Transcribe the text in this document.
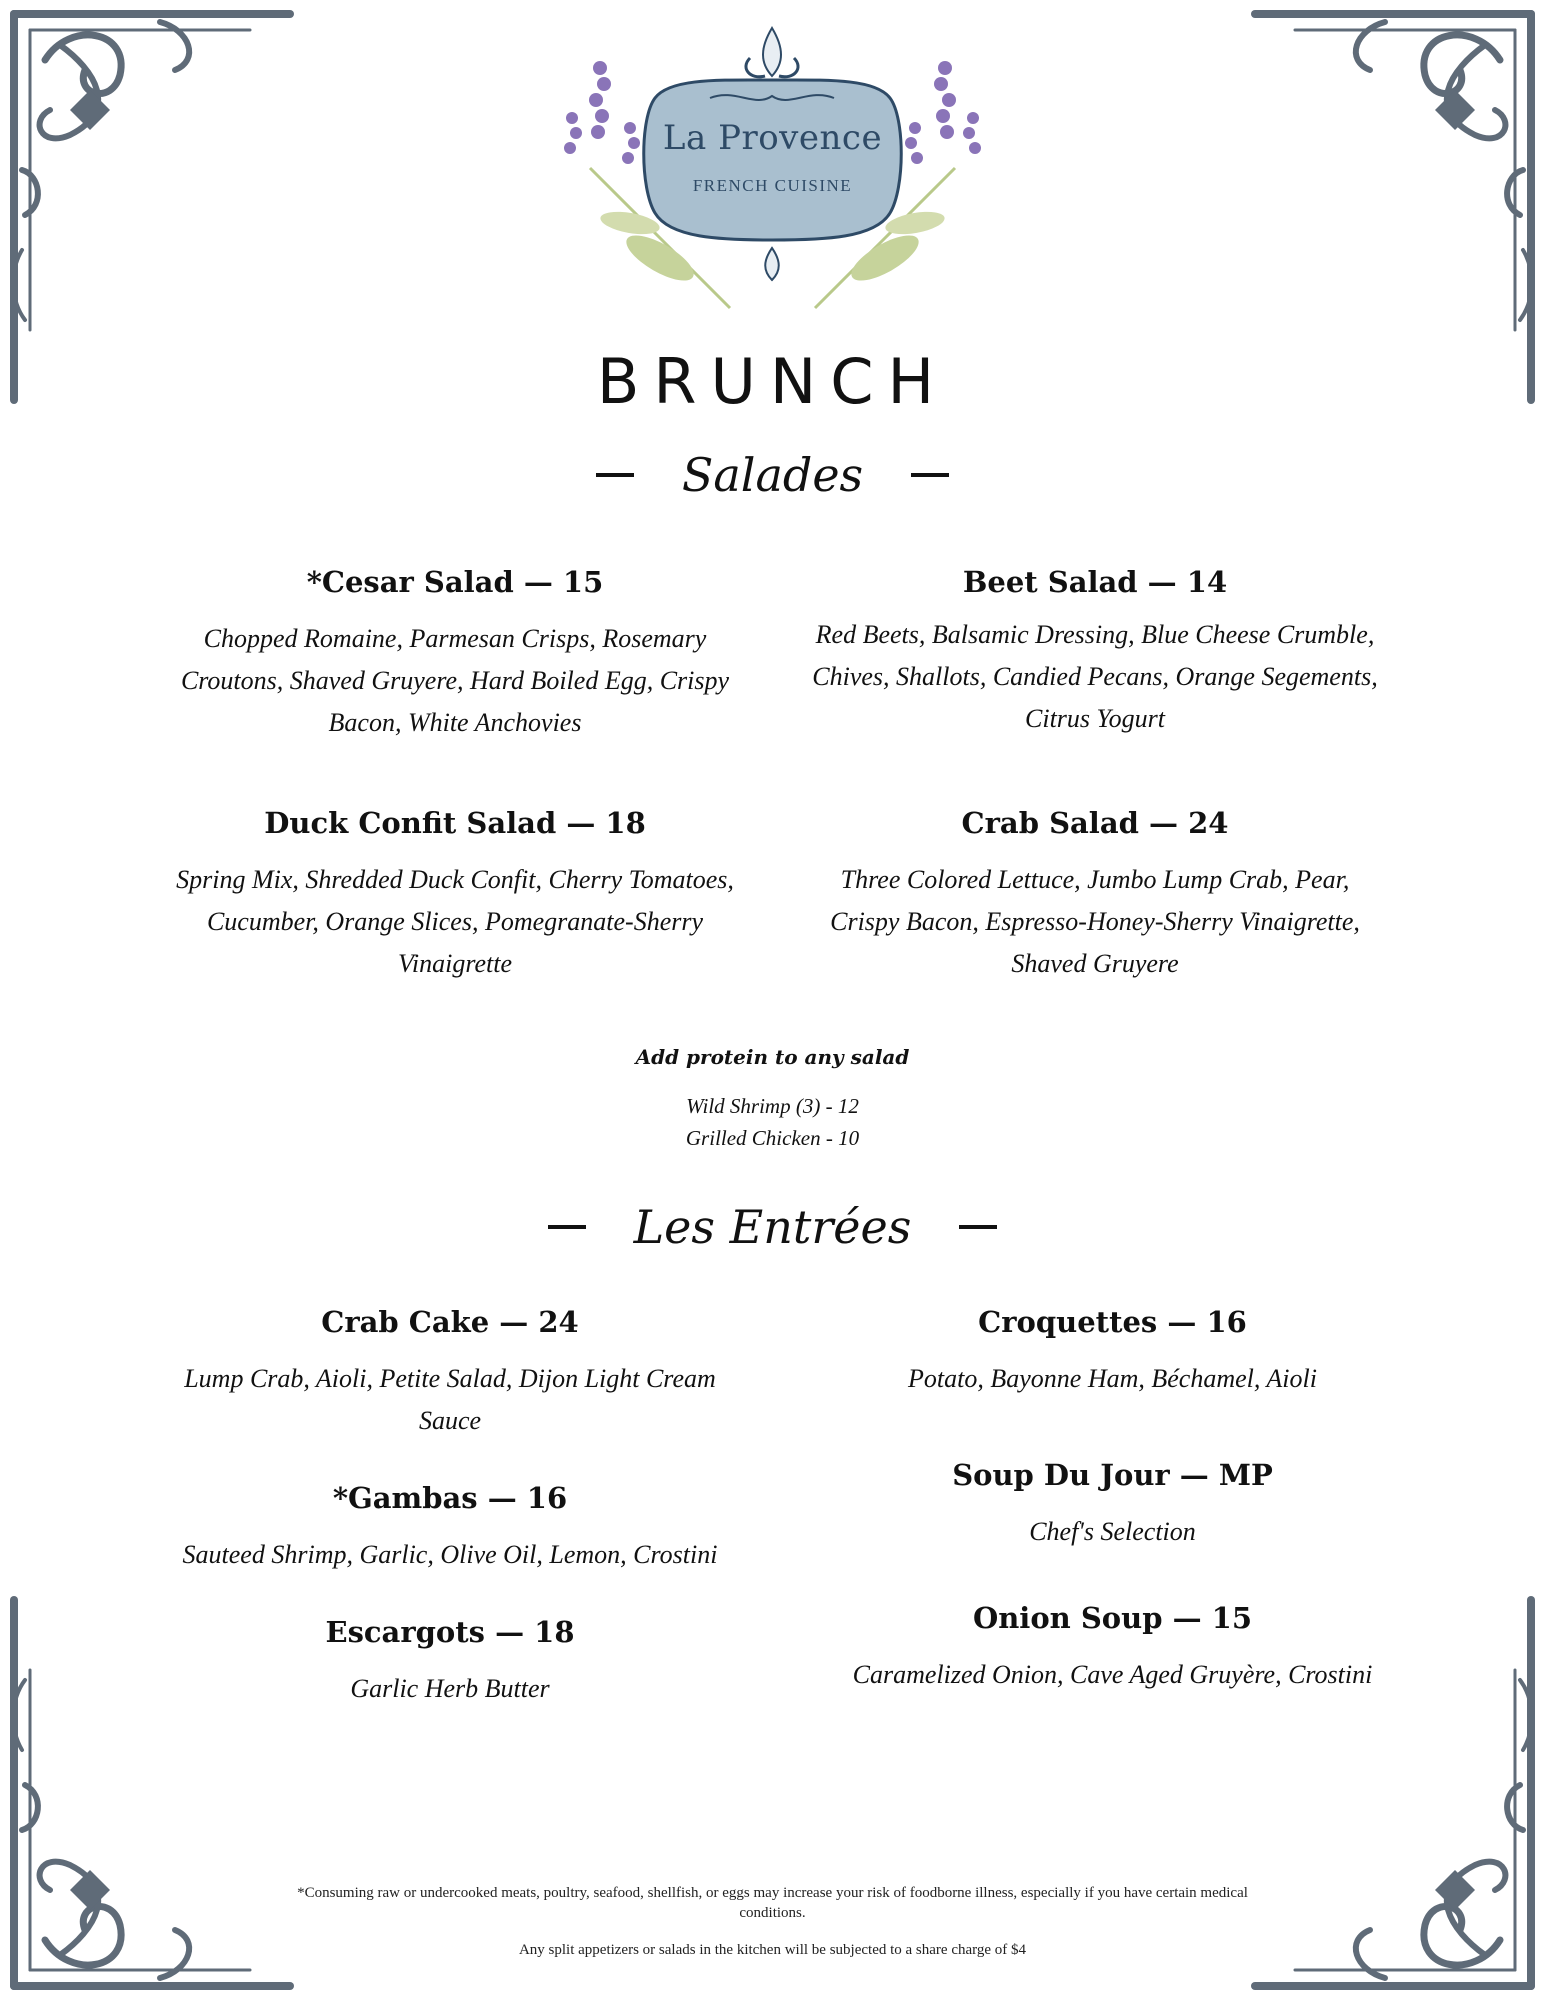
La Provence
FRENCH CUISINE
BRUNCH
Salades
*Cesar Salad — 15
Chopped Romaine, Parmesan Crisps, Rosemary Croutons, Shaved Gruyere, Hard Boiled Egg, Crispy Bacon, White Anchovies
Beet Salad — 14
Red Beets, Balsamic Dressing, Blue Cheese Crumble, Chives, Shallots, Candied Pecans, Orange Segements, Citrus Yogurt
Duck Confit Salad — 18
Spring Mix, Shredded Duck Confit, Cherry Tomatoes, Cucumber, Orange Slices, Pomegranate-Sherry Vinaigrette
Crab Salad — 24
Three Colored Lettuce, Jumbo Lump Crab, Pear, Crispy Bacon, Espresso-Honey-Sherry Vinaigrette, Shaved Gruyere
Add protein to any salad
Wild Shrimp (3) - 12
Grilled Chicken - 10
Les Entrées
Crab Cake — 24
Lump Crab, Aioli, Petite Salad, Dijon Light Cream Sauce
*Gambas — 16
Sauteed Shrimp, Garlic, Olive Oil, Lemon, Crostini
Escargots — 18
Garlic Herb Butter
Croquettes — 16
Potato, Bayonne Ham, Béchamel, Aioli
Soup Du Jour — MP
Chef's Selection
Onion Soup — 15
Caramelized Onion, Cave Aged Gruyère, Crostini
*Consuming raw or undercooked meats, poultry, seafood, shellfish, or eggs may increase your risk of foodborne illness, especially if you have certain medical conditions.
Any split appetizers or salads in the kitchen will be subjected to a share charge of $4
